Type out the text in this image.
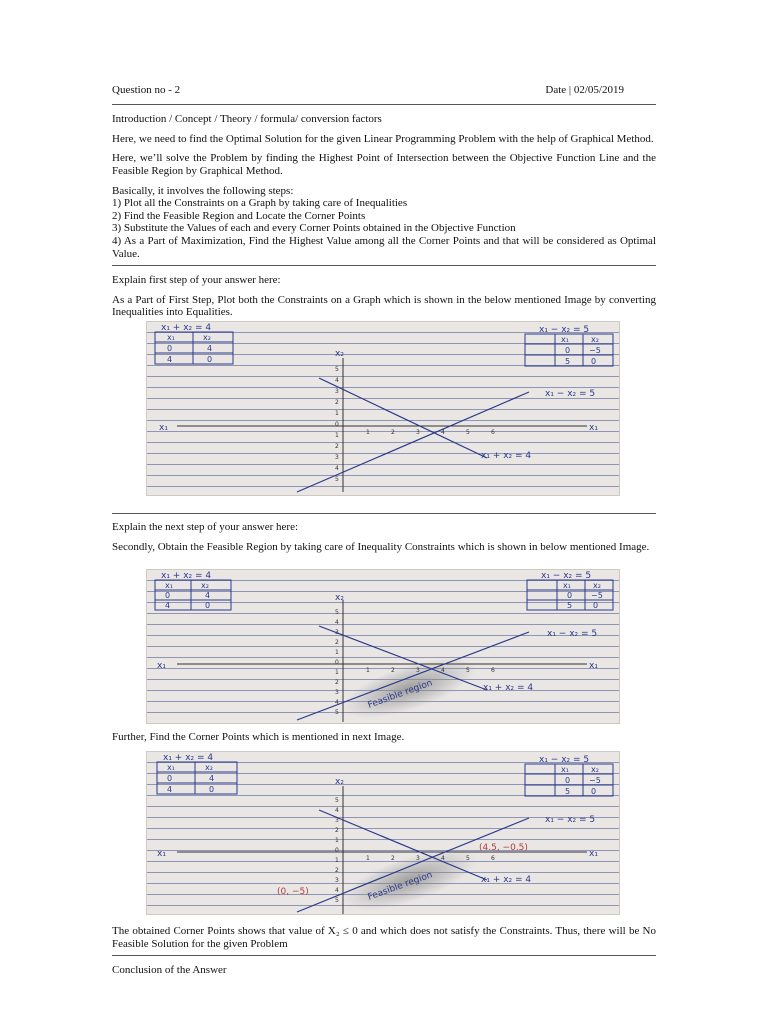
Question no - 2	Date | 02/05/2019
Introduction / Concept / Theory / formula/ conversion factors

Here, we need to find the Optimal Solution for the given Linear Programming Problem with the help of Graphical Method.

Here, we’ll solve the Problem by finding the Highest Point of Intersection between the Objective Function Line and the Feasible Region by Graphical Method.

Basically, it involves the following steps:
1) Plot all the Constraints on a Graph by taking care of Inequalities
2) Find the Feasible Region and Locate the Corner Points
3) Substitute the Values of each and every Corner Points obtained in the Objective Function
4) As a Part of Maximization, Find the Highest Value among all the Corner Points and that will be considered as Optimal Value.
Explain first step of your answer here:

As a Part of First Step, Plot both the Constraints on a Graph which is shown in the below mentioned Image by converting Inequalities into Equalities.

x₁ + x₂ = 4
x₁	x₂
0	4
4	0
x₁ − x₂ = 5
x₁	x₂
0 −5
5	0
x₁	x₁
x₂
x₁ − x₂ = 5
x₁ + x₂ = 4
1	2	3	4	5	6
5
4
3
2
1
0
1
2
3
4
5
Explain the next step of your answer here:

Secondly, Obtain the Feasible Region by taking care of Inequality Constraints which is shown in below mentioned Image.

x₁ + x₂ = 4
x₁	x₂
0	4
4	0
x₁ − x₂ = 5
x₁	x₂
0 −5
5	0
x₁	x₁
x₂
x₁ − x₂ = 5
x₁ + x₂ = 4
Feasible region
1	2	3	4	5	6
5
4
3
2
1
0
1
2
3
4
5
Further, Find the Corner Points which is mentioned in next Image.
x₁ + x₂ = 4
x₁	x₂
0	4
4	0
x₁ − x₂ = 5
x₁	x₂
0 −5
5	0
x₁	x₁
x₂
x₁ − x₂ = 5
x₁ + x₂ = 4
Feasible region
(4.5, −0.5)
(0, −5)
1	2	3	4	5	6
5
4
3
2
1
0
1
2
3
4
5

The obtained Corner Points shows that value of X₂ ≤ 0 and which does not satisfy the Constraints. Thus, there will be No Feasible Solution for the given Problem

Conclusion of the Answer
